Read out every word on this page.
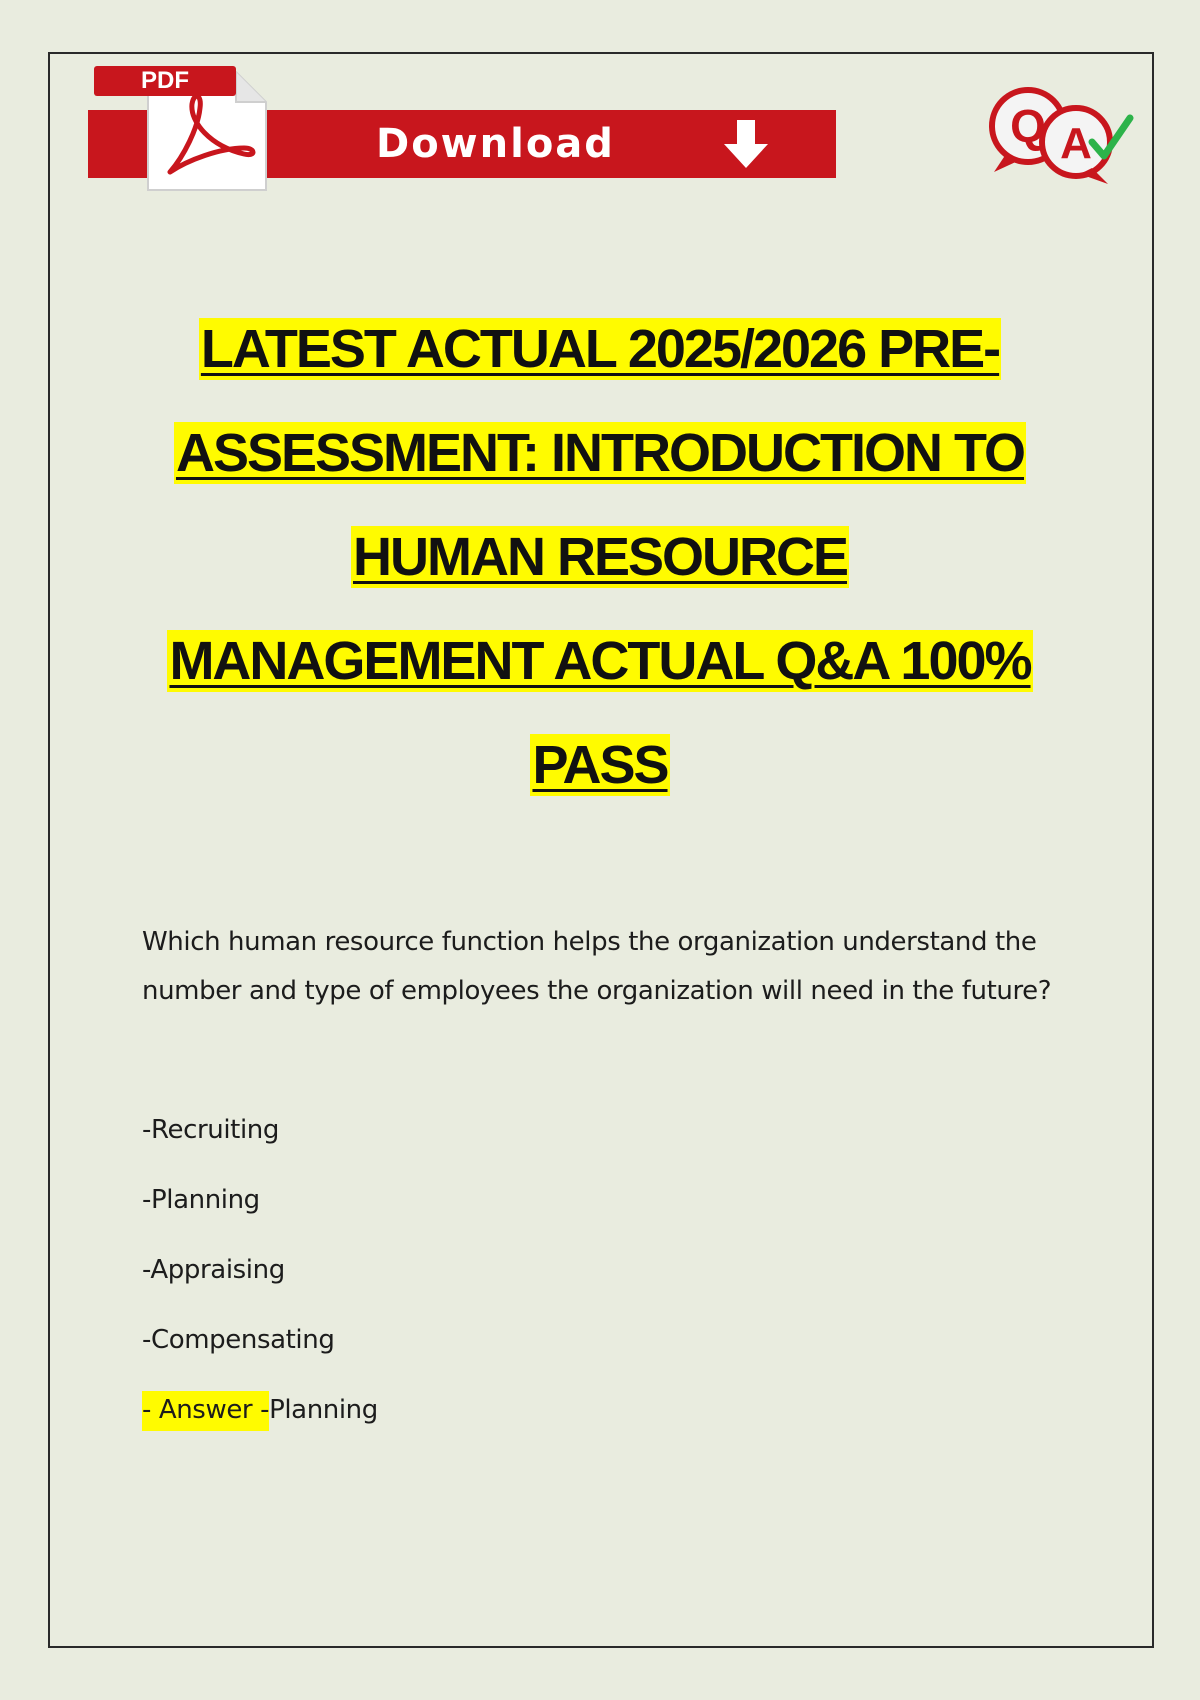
PDF
Download	Q A
LATEST ACTUAL 2025/2026 PRE-
ASSESSMENT: INTRODUCTION TO
HUMAN RESOURCE
MANAGEMENT ACTUAL Q&A 100%
PASS
Which human resource function helps the organization understand the number and type of employees the organization will need in the future?
-Recruiting
-Planning
-Appraising
-Compensating
- Answer -Planning
